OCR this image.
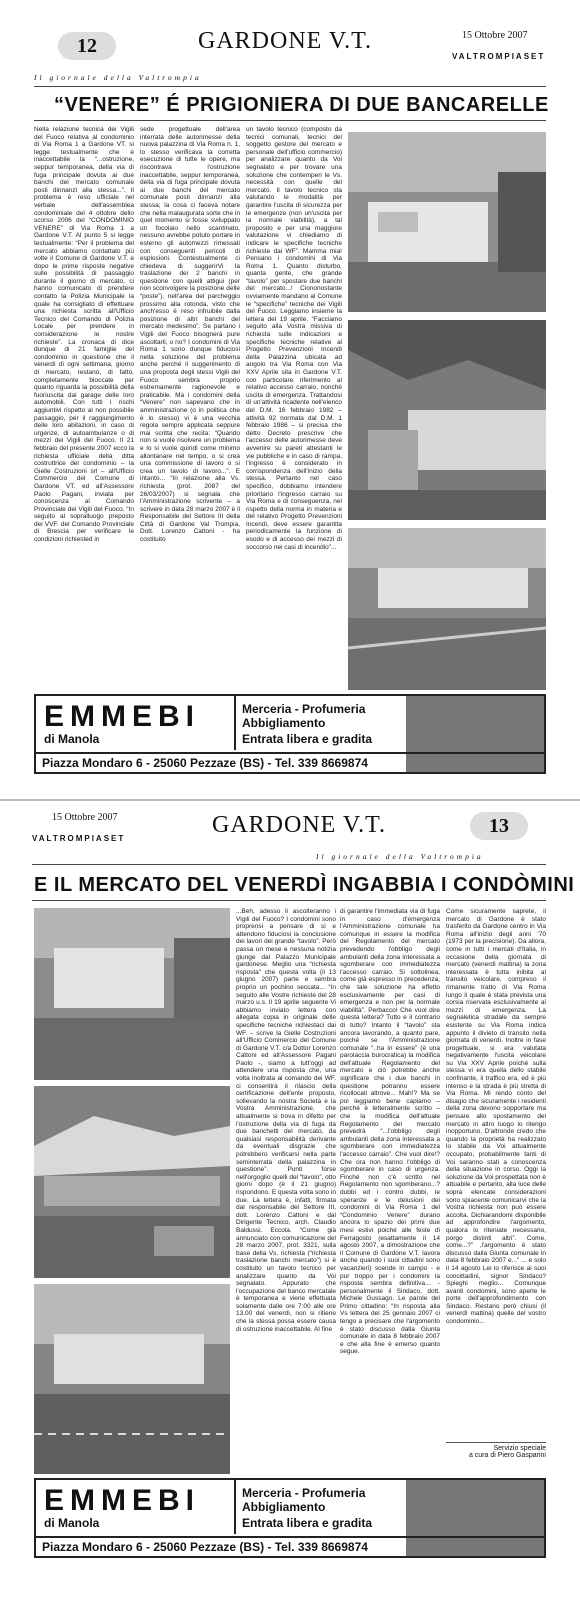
12	GARDONE V.T.	15 Ottobre 2007
VALTROMPIASET
Il giornale della Valtrompia
“VENERE” É PRIGIONIERA DI DUE BANCARELLE
Nella relazione tecnica dei Vigili del Fuoco relativa al condominio di Via Roma 1 a Gardone VT. si legge testualmente che è inaccettabile la “...ostruzione, seppur temporanea, della via di fuga principale dovuta ai due banchi del mercato comunale posti dinnanzi alla stessa...”. Il problema è reso ufficiale nel verbale dell'assemblea condominiale del 4 ottobre dello scorso 2006 del “CONDOMINIO VENERE” di Via Roma 1 a Gardone V.T. Al punto 5 si legge testualmente: “Per il problema del mercato abbiamo contattato più volte il Comune di Gardone V.T. e dopo le prime risposte negative sulle possibilità di passaggio durante il giorno di mercato, ci hanno comunicato di prendere contatto la Polizia Municipale la quale ha consigliato di effettuare una richiesta scritta all'Ufficio Tecnico del Comando di Polizia Locale per prendere in considerazione le nostre richieste”. La cronaca di dice dunque di 21 famiglie del condominio in questione che il venerdì di ogni settimana, giorno di mercato, restano, di fatto, completamente bloccate per quanto riguarda la possibilità della fuoriuscita dai garage delle loro automobili. Con tutti i rischi aggiuntivi rispetto al non possibile passaggio, per il raggiungimento delle loro abitazioni, in caso di urgenze, di autoambulanze o di mezzi dei Vigili del Fuoco. Il 21 febbraio del presente 2007 ecco la richiesta ufficiale della ditta costruttrice del condominio – la Gielle Costruzioni srl – all'Ufficio Commercio del Comune di Gardone VT. ed all'Assessore Paolo Pagani, inviata per conoscenza al Comando Provinciale dei Vigili del Fuoco. “In seguito al sopralluogo preposto dei VVF. del Comando Provinciale di Brescia per verificare le condizioni richiested in
sede progettuale dell'area interrata delle autorimesse della nuova palazzina di Via Roma n. 1, lo stesso verificava la corretta esecuzione di tutte le opere, ma riscontrava l'ostruzione inaccettabile, seppur temporanea, della via di fuga principale dovuta ai due banchi del mercato comunale posti dinnanzi alla stessa; la cosa ci faceva notare che nella malaugurata sorte che in quel momento si fosse sviluppato un focolaio nello scantinato, nessuno avrebbe potuto portare in esterno gli automezzi rimessati con conseguenti pericoli di esplosioni. Contestualmente ci chiedeva di suggerirVi la traslazione dei 2 banchi in questione con quelli attigui (per non sconvolgere la posizione delle “poste”), nell'area del parcheggio prossimo alla rotonda, visto che anch'esso è reso infruibile dalla posizione di altri banchi del mercato medesimo”. Se partano i Vigili del Fuoco bisognerà pure ascoltarli, o no? I condomini di Via Roma 1 sono dunque fiduciosi nella soluzione del problema anche perché il suggerimento di una proposta degli stessi Vigili del Fuoco sembra proprio estremamente ragionevole e praticabile. Ma i condomini della “Venere” non sapevano che in amministrazione (o in politica che è lo stesso) vi è una vecchia regola sempre applicata seppure mai scritta che recita: “Quando non si vuole risolvere un problema e lo si vuole quindi come minimo allontanare nel tempo, o si crea una commissione di lavoro o si crea un tavolo di lavoro...”. E intanto... “In relazione alla Vs. richiesta (prot. 2087 del 26/03/2007) si segnala che l'Amministrazione scrivente – a scrivere in data 28 marzo 2007 è il Responsabile del Settore III della Città di Gardone Val Trompia, Dott. Lorenzo Cattoni - ha costituito
un tavolo tecnico (composto da tecnici comunali, tecnici del soggetto gestore del mercato e personale dell'ufficio commercio) per analizzare quanto da Voi segnalato e per trovare una soluzione che contemperi le Vs. necessità con quelle del mercato. Il tavolo tecnico sta valutando le modalità per garantire l'uscita di sicurezza per le emergenze (non un'uscita per la normale viabilità), a tal proposito e per una maggiore valutazione vi chiediamo di indicare le specifiche tecniche richieste dai WF”. Mamma mia! Pensano i condomini di Via Roma 1. Quanto disturbo, quanta gente, che grande “tavolo” per spostare due banchi del mercato...! Ciononostante ovviamente mandano al Comune le “specifiche” tecniche dei Vigili del Fuoco. Leggiamo insieme la lettera del 19 aprile. “Facciamo seguito alla Vostra missiva di richiesta sulle indicazioni e specifiche tecniche relative al Progetto Prevenzioni Incendi della Palazzina ubicata ad angolo tra Via Roma con Via XXV Aprile sita in Gardone V.T. con particolare riferimento al relativo accesso carraio, nonché uscita di emergenza. Trattandosi di un'attività ricadente nell'elenco del D.M. 16 febbraio 1982 – attività 92 normata dal D.M. 1 febbraio 1986 – si precisa che detto Decreto prescrive che l'accesso delle autorimesse deve avvenire su pareti attestanti le vie pubbliche e in caso di rampa, l'ingresso è considerato in corrispondenza dell'inizio della stessa. Pertanto nel caso specifico, dobbiamo intendere prioritario l'ingresso carraio su Via Roma e di conseguenza, nel rispetto della norma in materia e del relativo Progetto Prevenzioni Incendi, deve essere garantita periodicamente la funzione di esodo e di accesso dei mezzi di soccorso nei casi di incendio”...
EMMEBI
di Manola
Merceria - Profumeria
Abbigliamento
Entrata libera e gradita
Piazza Mondaro 6 - 25060 Pezzaze (BS) - Tel. 339 8669874
15 Ottobre 2007
VALTROMPIASET
GARDONE V.T.	13
Il giornale della Valtrompia
E IL MERCATO DEL VENERDÌ INGABBIA I CONDÒMINI
...Beh, adesso li ascolteranno i Vigili del Fuoco? I condomini sono proprensi a pensare di sì e attendono fiduciosi la conclusione dei lavori del grande “tavolo”. Però passa un mese e nessuna notizia giunge dal Palazzo Municipale gardonese. Meglio una “richiesta risposta” che questa volta (il 13 giugno 2007) parte e sembra proprio un pochino seccata... “In seguito alle Vostre richieste del 28 marzo u.s. Il 19 aprile seguente Vi abbiamo inviato lettera con allegata copia in originale delle specifiche tecniche richiestaci dai WF. – scrive la Gielle Costruzioni all'Ufficio Commercio del Comune di Gardone V.T. c/a Dottor Lorenzo Cattoni ed all'Assessore Pagani Paolo -, siamo a tutt'oggi ad attendere una risposta che, una volta inoltrata al comando dei WF. ci consentirà il rilascio della certificazione dell'ente proposto, sollevando la nostra Società e la Vostra Amministrazione, che attualmente si trova in difetto per l'ostruzione della via di fuga da due banchetti del mercato, da qualsiasi responsabilità derivante da eventuali disgrazie che potrebbero verificarsi nella parte seminterrata della palazzina in questione”. Punti forse nell'orgoglio quelli del “tavolo”, otto giorni dopo (è il 21 giugno) rispondono. E questa volta sono in due. La lettera è, infatti, firmata dal responsabile del Settore III, dott. Lorenzo Cattoni e dal Dirigente Tecnico, arch. Claudio Baldussi. Eccola. “Come già annunciato con comunicazione del 28 marzo 2007, prot. 3321, sulla base della Vs. richiesta (“richiesta traslazione banchi mercato”) si è costituito un tavolo tecnico per analizzare quanto da Voi segnalato. Appurato che l'occupazione del banco mercatale è temporanea e viene effettuata solamente dalle ore 7:00 alle ore 13.00 del venerdì, non si ritiene che la stessa possa essere causa di ostruzione inaccettabile. Al fine
di garantire l'immediata via di fuga in caso d'emergenza l'Amministrazione comunale ha comunque in essere la modifica del Regolamento del mercato prevedendo l'obbligo degli ambulanti della zona interessata a sgomberare con immediatezza l'accesso carraio. Si sottolinea, come già espresso in precedenza, che tale soluzione ha effetto esclusivamente per casi di emergenza e non per la normale viabilità”. Perbacco! Che vuol dire questa lettera? Tutto e il contrario di tutto? Intanto il “tavolo” sta ancora lavorando, a quanto pare, poiché se l'Amministrazione comunale “..ha in essere” (è una parolaccia burocratica) la modifica dell'attuale Regolamento del mercato e ciò potrebbe anche significare che i due banchi in questione potranno essere ricollocati altrove... Mah!? Ma se poi leggiamo bene capiamo – perché è letteralmente scritto – che la modifica dell'attuale Regolamento del mercato prevedrà “...l'obbligo degli ambulanti della zona interessata a sgomberare con immediatezza l'accesso carraio”. Che vuol dire!? Che ora non hanno l'obbligo di sgomberare in caso di urgenza. Finché non c'è scritto nel Regolamento non sgomberano...? dubbi ed i contro dubbi, le speranze e le delusioni dei condomini di Via Roma 1 del “Condominio Venere” durano ancora lo spazio dei primi due mesi estivi poiché alle feste di Ferragosto (esattamente il 14 agosto 2007, a dimostrazione che il Comune di Gardone V.T. lavora anche quando i suoi cittadini sono vacanzieri) scende in campo - e pur troppo per i condomini la risposta sembra definitiva... - personalmente il Sindaco, dott. Michele Gussago. Le parole del Primo cittadino: “In risposta alla Vs lettera del 25 gennaio 2007 ci tengo a precisare che l'argomento è stato discusso dalla Giunta comunale in data 8 febbraio 2007 e che alla fine è emerso quanto segue.
Come sicuramente saprete, il mercato di Gardone è stato trasferito da Gardone centro in Via Roma all'inizio degli anni '70 (1973 per la precisione). Da allora, come in tutti i mercati d'Italia, in occasione della giornata di mercato (venerdì mattina) la zona interessata è tutta inibita al transito veicolare, compreso il rimanente tratto di Via Roma lungo il quale è stata prevista una corsia riservata esclusivamente ai mezzi di emergenza. La segnaletica stradale da sempre esistente su Via Roma indica appunto il divieto di transito nella giornata di venerdì. Inoltre in fase progettuale, si era valutata negativamente l'uscita veicolare su Via XXV Aprile poiché sulla stessa vi era quella dello stabile confinante, il traffico era, ed è più intenso e la strada è più stretta di Via Roma. Mi rendo conto del disagio che sicuramente i residenti della zona devono sopportare ma pensare allo spostamento del mercato in altro luogo lo ritengo inopportuno. D'altronde credo che quando la proprietà ha realizzato lo stabile da Voi attualmente occupato, probabilmente tanti di Voi saranno stati a conoscenza della situazione in corso. Oggi la soluzione da Voi prospettata non è attuabile e pertanto, alla luce delle sopra elencate considerazioni sono spiacente comunicarvi che la Vostra richiesta non può essere accolta. Dichiarandomi disponibile ad approfondire l'argomento, qualora lo riteniate necessario, porgo distinti altri”. Come, come...?” ,l'argomento è stato discusso dalla Giunta comunale in data 8 febbraio 2007 e...” ... e solo il 14 agosto Lei lo riferisce ai suoi concittadini, signor Sindaco? Spieghi meglio... Comunque avanti condomini, sono aperte le porte dell'approfondimento con Sindaco. Restano però chiusi (il venerdì mattina) quelle del vostro condominio...
Servizio speciale
a cura di Piero Gasparini
EMMEBI
di Manola
Merceria - Profumeria
Abbigliamento
Entrata libera e gradita
Piazza Mondaro 6 - 25060 Pezzaze (BS) - Tel. 339 8669874
